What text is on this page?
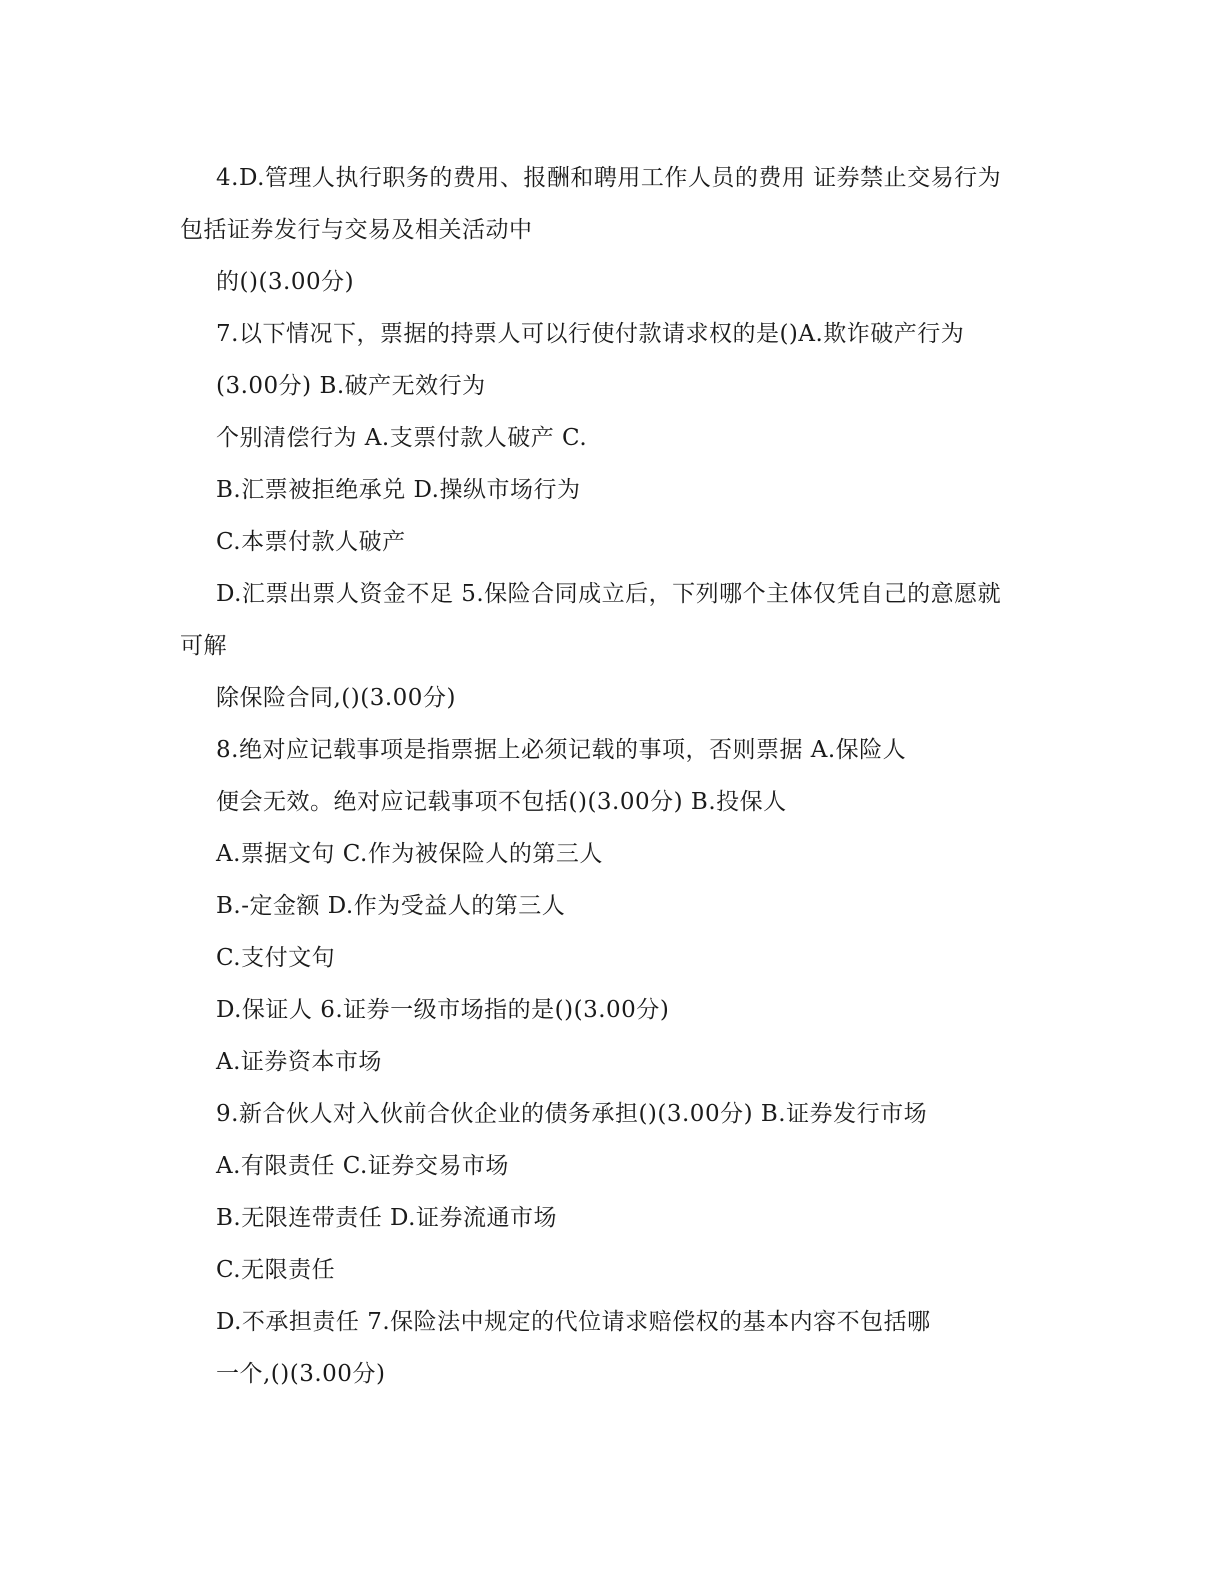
4.D.管理人执行职务的费用、报酬和聘用工作人员的费用 证券禁止交易行为
包括证券发行与交易及相关活动中
的()(3.00分)
7.以下情况下，票据的持票人可以行使付款请求权的是()A.欺诈破产行为
(3.00分) B.破产无效行为
个别清偿行为 A.支票付款人破产 C.
B.汇票被拒绝承兑 D.操纵市场行为
C.本票付款人破产
D.汇票出票人资金不足 5.保险合同成立后，下列哪个主体仅凭自己的意愿就
可解
除保险合同,()(3.00分)
8.绝对应记载事项是指票据上必须记载的事项，否则票据 A.保险人
便会无效。绝对应记载事项不包括()(3.00分) B.投保人
A.票据文句 C.作为被保险人的第三人
B.-定金额 D.作为受益人的第三人
C.支付文句
D.保证人 6.证券一级市场指的是()(3.00分)
A.证券资本市场
9.新合伙人对入伙前合伙企业的债务承担()(3.00分) B.证券发行市场
A.有限责任 C.证券交易市场
B.无限连带责任 D.证券流通市场
C.无限责任
D.不承担责任 7.保险法中规定的代位请求赔偿权的基本内容不包括哪
一个,()(3.00分)
